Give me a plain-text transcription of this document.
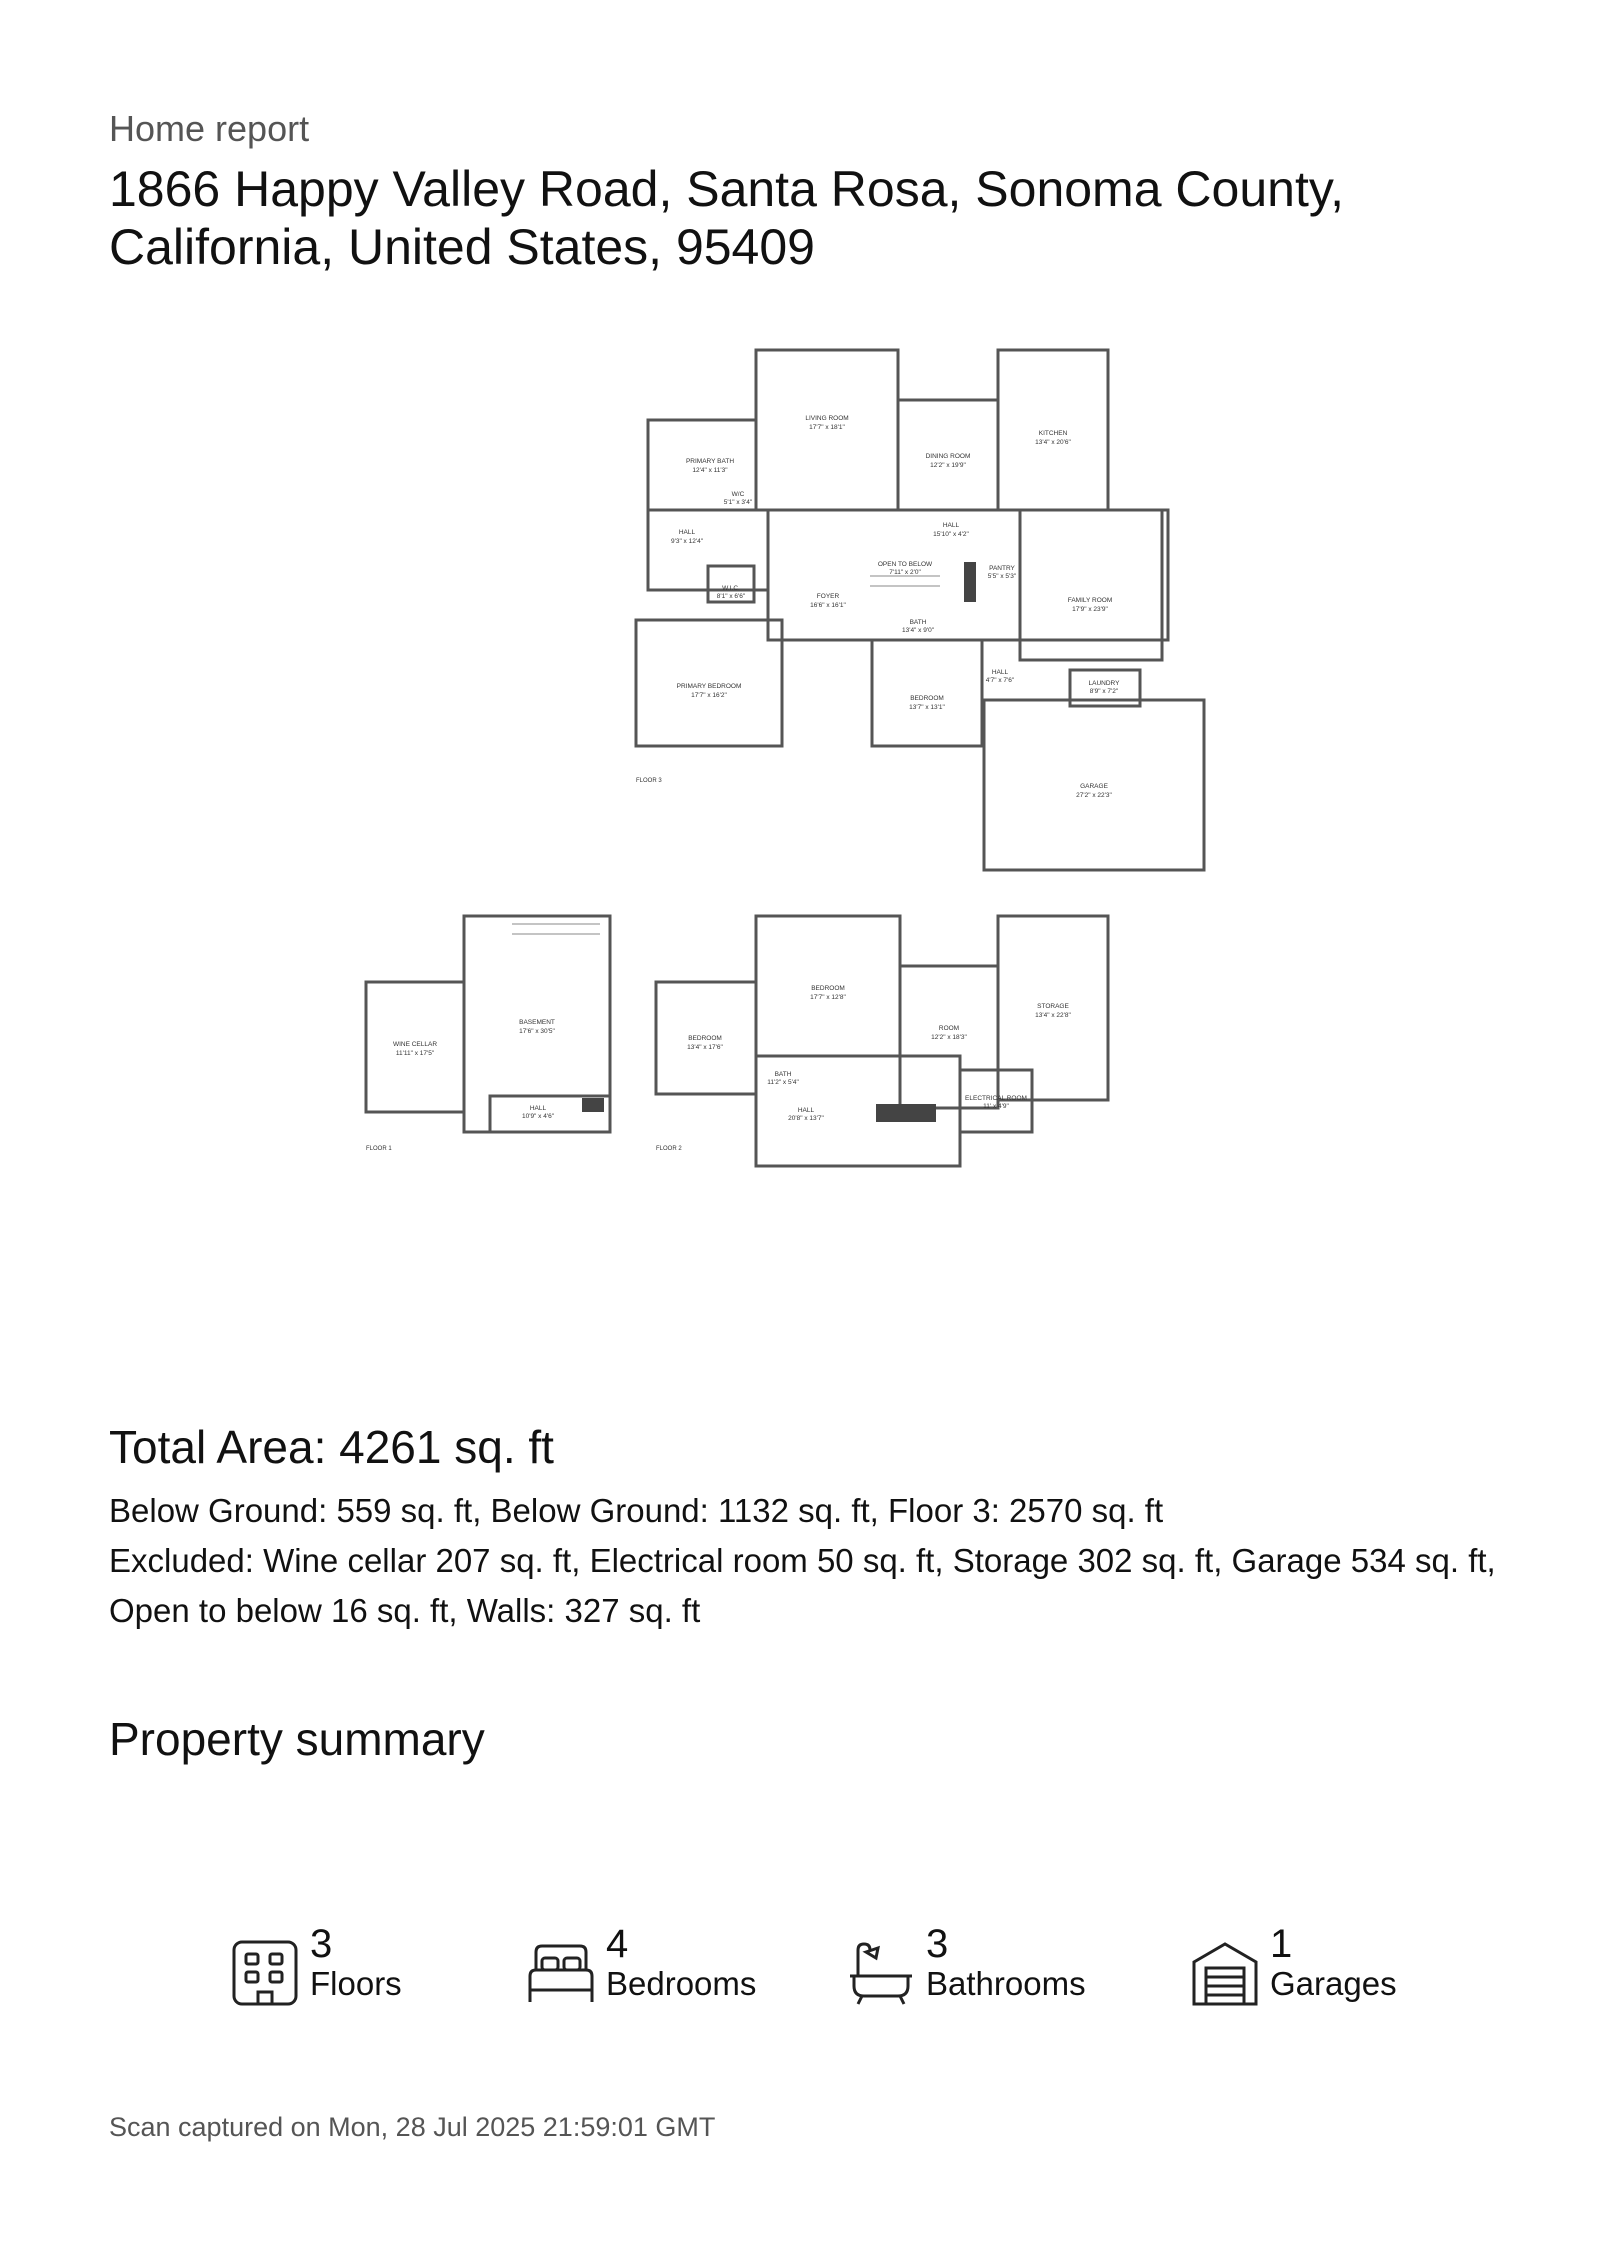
Home report
1866 Happy Valley Road, Santa Rosa, Sonoma County, California, United States, 95409
LIVING ROOM
17'7" x 18'1"
DINING ROOM
12'2" x 19'9"
KITCHEN
13'4" x 20'6"
PRIMARY BATH
12'4" x 11'3"
W/C
5'1" x 3'4"
HALL
15'10" x 4'2"
HALL
9'3" x 12'4"
OPEN TO BELOW
7'11" x 2'0"
PANTRY
5'5" x 5'3"
W.I.C.
8'1" x 6'6"	FOYER
16'6" x 16'1"
BATH
13'4" x 9'0"
FAMILY ROOM
17'9" x 23'9"
PRIMARY BEDROOM
17'7" x 16'2"	BEDROOM
13'7" x 13'1"
HALL
4'7" x 7'6"	LAUNDRY
8'9" x 7'2"
GARAGE
27'2" x 22'3"
WINE CELLAR
11'11" x 17'5"
BASEMENT
17'6" x 30'5"
HALL
10'9" x 4'6"
BEDROOM
13'4" x 17'6"
BEDROOM
17'7" x 12'8"
ROOM
12'2" x 18'3"
STORAGE
13'4" x 22'8"
BATH
11'2" x 5'4"
HALL
20'8" x 13'7"
ELECTRICAL ROOM
11' x 4'9"
FLOOR 3
FLOOR 1	FLOOR 2
Total Area: 4261 sq. ft
Below Ground: 559 sq. ft, Below Ground: 1132 sq. ft, Floor 3: 2570 sq. ft
Excluded: Wine cellar 207 sq. ft, Electrical room 50 sq. ft, Storage 302 sq. ft, Garage 534 sq. ft, Open to below 16 sq. ft, Walls: 327 sq. ft
Property summary
3
Floors
4
Bedrooms
3
Bathrooms
1
Garages
Scan captured on Mon, 28 Jul 2025 21:59:01 GMT
